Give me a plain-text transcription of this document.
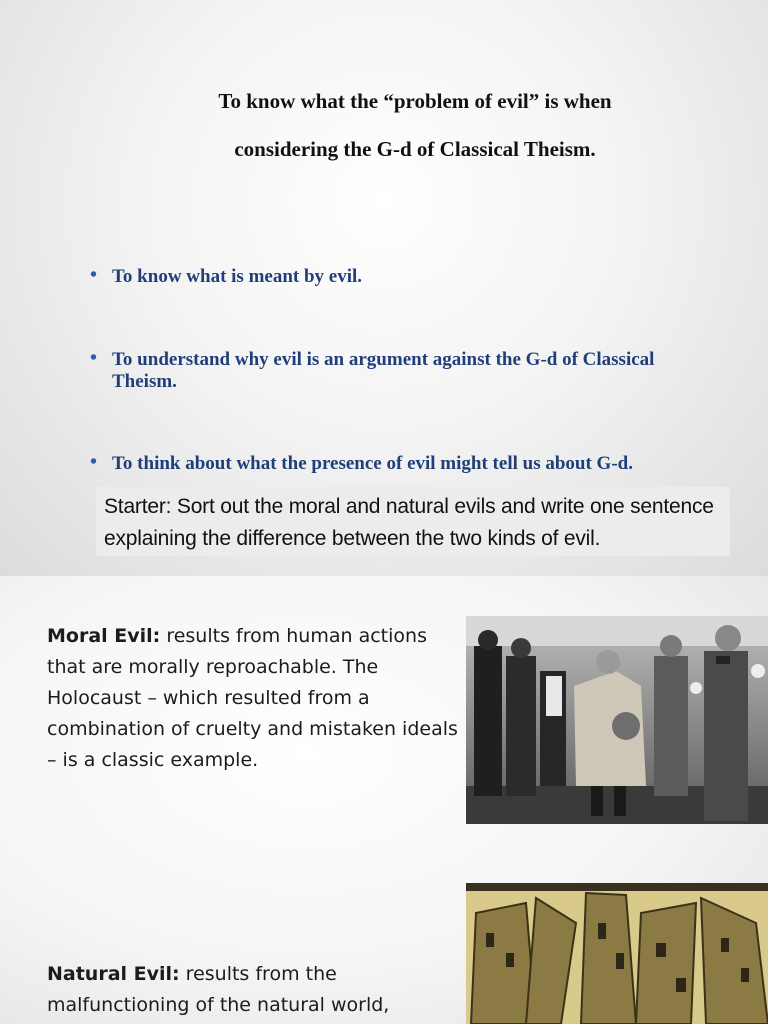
To know what the “problem of evil” is when
considering the G-d of Classical Theism.
• To know what is meant by evil.
• To understand why evil is an argument against the G-d of Classical Theism.
• To think about what the presence of evil might tell us about G-d.
Starter: Sort out the moral and natural evils and write one sentence explaining the difference between the two kinds of evil.
Moral Evil: results from human actions that are morally reproachable. The Holocaust – which resulted from a combination of cruelty and mistaken ideals – is a classic example.
Natural Evil: results from the malfunctioning of the natural world,
